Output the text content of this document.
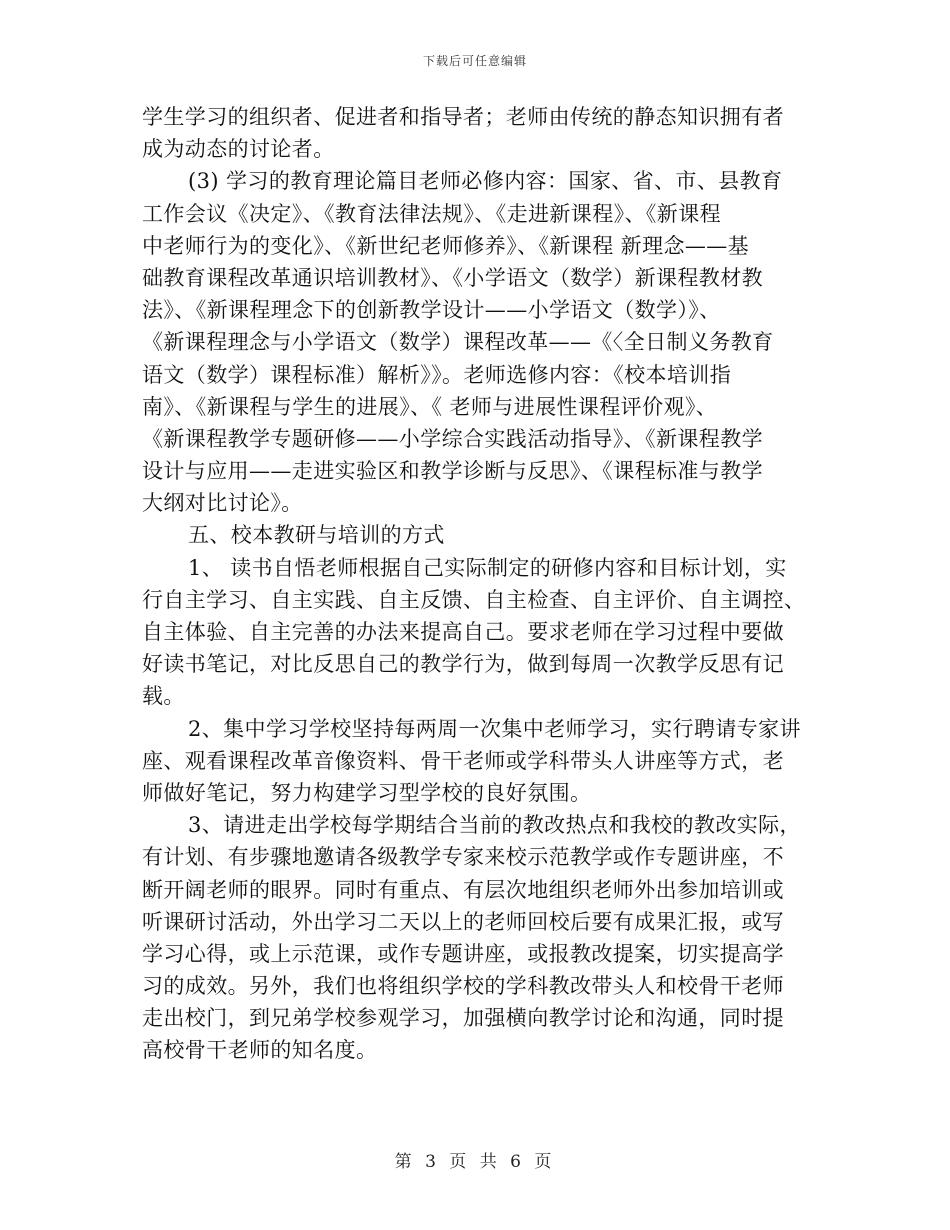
下载后可任意编辑
学生学习的组织者、促进者和指导者；老师由传统的静态知识拥有者
成为动态的讨论者。
(3) 学习的教育理论篇目老师必修内容：国家、省、市、县教育
工作会议《决定》、《教育法律法规》、《走进新课程》、《新课程
中老师行为的变化》、《新世纪老师修养》、《新课程 新理念——基
础教育课程改革通识培训教材》、《小学语文（数学）新课程教材教
法》、《新课程理念下的创新教学设计——小学语文（数学）》、
《新课程理念与小学语文（数学）课程改革——《〈全日制义务教育
语文（数学）课程标准）解析》》。老师选修内容：《校本培训指
南》、《新课程与学生的进展》、《 老师与进展性课程评价观》、
《新课程教学专题研修——小学综合实践活动指导》、《新课程教学
设计与应用——走进实验区和教学诊断与反思》、《课程标准与教学
大纲对比讨论》。
五、校本教研与培训的方式
1、 读书自悟老师根据自己实际制定的研修内容和目标计划，实
行自主学习、自主实践、自主反馈、自主检查、自主评价、自主调控、
自主体验、自主完善的办法来提高自己。要求老师在学习过程中要做
好读书笔记，对比反思自己的教学行为，做到每周一次教学反思有记
载。
2、集中学习学校坚持每两周一次集中老师学习，实行聘请专家讲
座、观看课程改革音像资料、骨干老师或学科带头人讲座等方式，老
师做好笔记，努力构建学习型学校的良好氛围。
3、请进走出学校每学期结合当前的教改热点和我校的教改实际，
有计划、有步骤地邀请各级教学专家来校示范教学或作专题讲座，不
断开阔老师的眼界。同时有重点、有层次地组织老师外出参加培训或
听课研讨活动，外出学习二天以上的老师回校后要有成果汇报，或写
学习心得，或上示范课，或作专题讲座，或报教改提案，切实提高学
习的成效。另外，我们也将组织学校的学科教改带头人和校骨干老师
走出校门，到兄弟学校参观学习，加强横向教学讨论和沟通，同时提
高校骨干老师的知名度。
第 3 页 共 6 页
